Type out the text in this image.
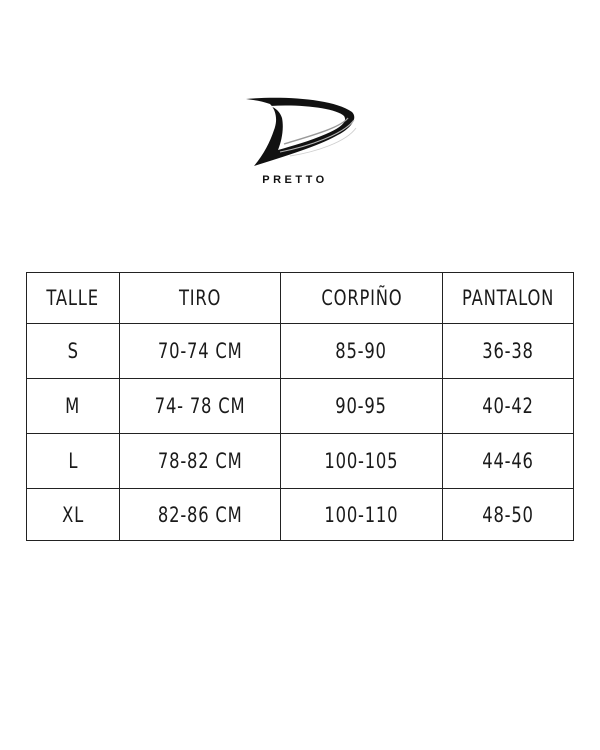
PRETTO
TALLE	TIRO	CORPIÑO	PANTALON
S	70-74 CM	85-90	36-38
M	74- 78 CM	90-95	40-42
L	78-82 CM	100-105	44-46
XL	82-86 CM	100-110	48-50
